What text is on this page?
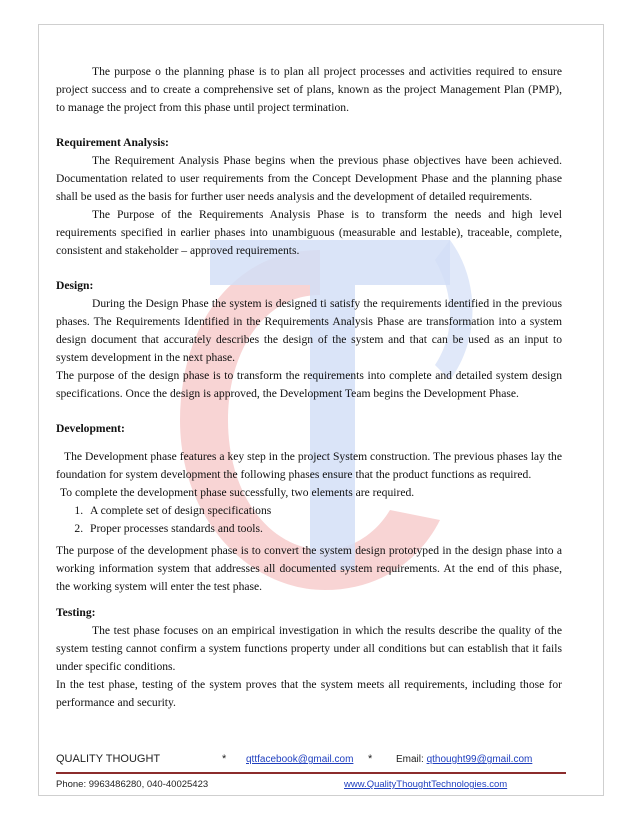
The purpose o the planning phase is to plan all project processes and activities required to ensure project success and to create a comprehensive set of plans, known as the project Management Plan (PMP), to manage the project from this phase until project termination.

Requirement Analysis:

The Requirement Analysis Phase begins when the previous phase objectives have been achieved. Documentation related to user requirements from the Concept Development Phase and the planning phase shall be used as the basis for further user needs analysis and the development of detailed requirements.

The Purpose of the Requirements Analysis Phase is to transform the needs and high level requirements specified in earlier phases into unambiguous (measurable and lestable), traceable, complete, consistent and stakeholder – approved requirements.

Design:

During the Design Phase the system is designed ti satisfy the requirements identified in the previous phases. The Requirements Identified in the Requirements Analysis Phase are transformation into a system design document that accurately describes the design of the system and that can be used as an input to system development in the next phase.

The purpose of the design phase is to transform the requirements into complete and detailed system design specifications. Once the design is approved, the Development Team begins the Development Phase.

Development:

The Development phase features a key step in the project System construction. The previous phases lay the foundation for system development the following phases ensure that the product functions as required.

To complete the development phase successfully, two elements are required.

1. A complete set of design specifications
2. Proper processes standards and tools.

The purpose of the development phase is to convert the system design prototyped in the design phase into a working information system that addresses all documented system requirements. At the end of this phase, the working system will enter the test phase.

Testing:

The test phase focuses on an empirical investigation in which the results describe the quality of the system testing cannot confirm a system functions property under all conditions but can establish that it fails under specific conditions.

In the test phase, testing of the system proves that the system meets all requirements, including those for performance and security.

QUALITY THOUGHT	* qttfacebook@gmail.com * Email: qthought99@gmail.com
Phone: 9963486280, 040-40025423	www.QualityThoughtTechnologies.com
